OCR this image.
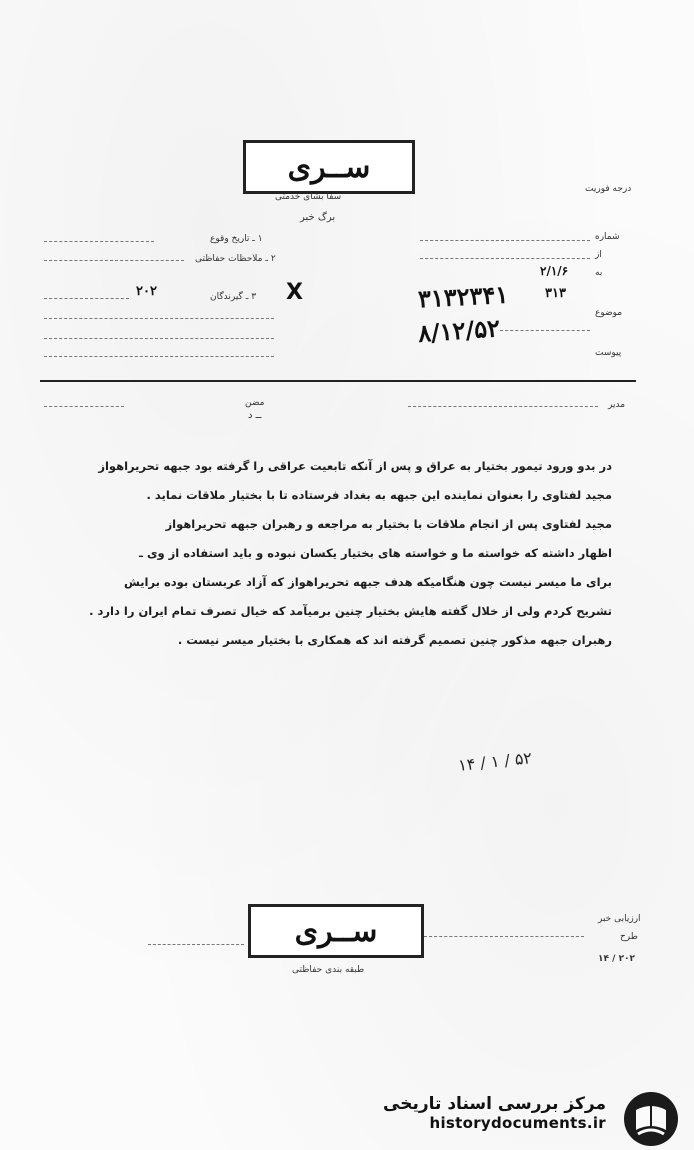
ســری
سفا بشای خدمتی
درجه فوریت
برگ خبر
۱ ـ تاریخ وقوع
۲ ـ ملاحظات حفاظتی
۳ ـ گیرندگان
۲۰۲	X
شماره
از
به
موضوع
پیوست
۲/۱/۶
۳۱۳
۳۱۳۲۳۴۱
۸/۱۲/۵۲
مضن
ــ د
مدیر
در بدو ورود تیمور بختیار به عراق و پس از آنکه تابعیت عراقی را گرفته بود جبهه تحریراهواز
مجید لفتاوی را بعنوان نماینده این جبهه به بغداد فرستاده تا با بختیار ملاقات نماید .
مجید لفتاوی پس از انجام ملاقات با بختیار به مراجعه و رهبران جبهه تحریراهواز
اظهار داشته که خواسته ما و خواسته های بختیار یکسان نبوده و باید استفاده از وی ـ
برای ما میسر نیست چون هنگامیکه هدف جبهه تحریراهواز که آزاد عربستان بوده برایش
تشریح کردم ولی از خلال گفته هایش بختیار چنین برمیآمد که خیال تصرف تمام ایران را دارد .
رهبران جبهه مذکور چنین تصمیم گرفته اند که همکاری با بختیار میسر نیست .
۱۴ / ۱ / ۵۲
ســری
طبقه بندی حفاظتی
ارزیابی خبر
طرح
۲۰۲ / ۱۴
مرکز بررسی اسناد تاریخی
historydocuments.ir
